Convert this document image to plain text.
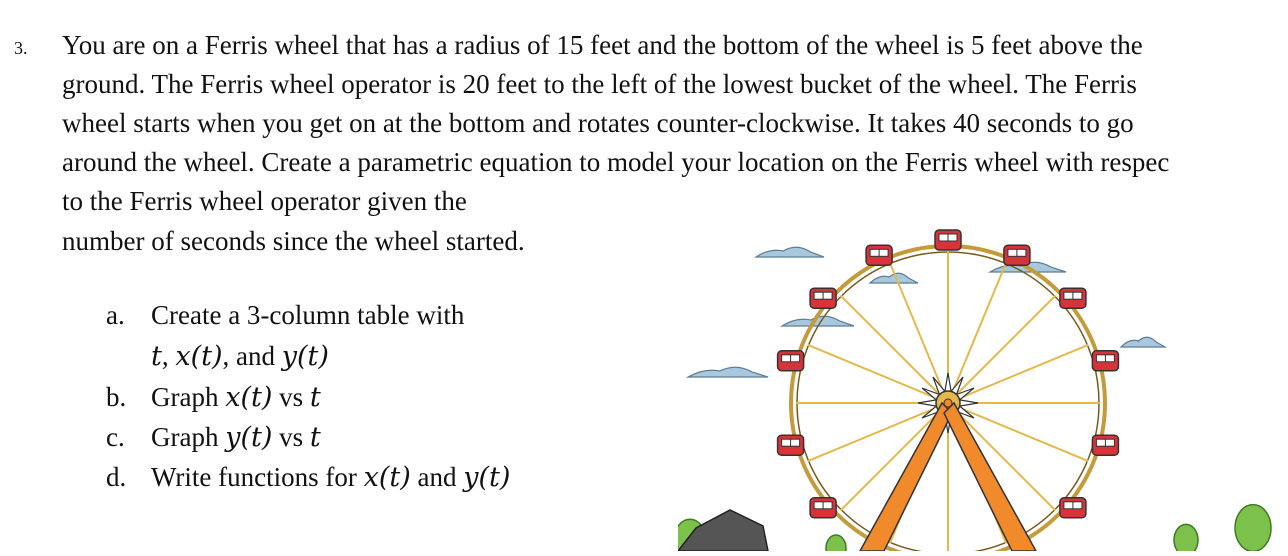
3. You are on a Ferris wheel that has a radius of 15 feet and the bottom of the wheel is 5 feet above the
ground. The Ferris wheel operator is 20 feet to the left of the lowest bucket of the wheel. The Ferris
wheel starts when you get on at the bottom and rotates counter-clockwise. It takes 40 seconds to go
around the wheel. Create a parametric equation to model your location on the Ferris wheel with respec
to the Ferris wheel operator given the
number of seconds since the wheel started.
a. Create a 3-column table with
t, x(t), and y(t)
b. Graph x(t) vs t
c. Graph y(t) vs t
d. Write functions for x(t) and y(t)
